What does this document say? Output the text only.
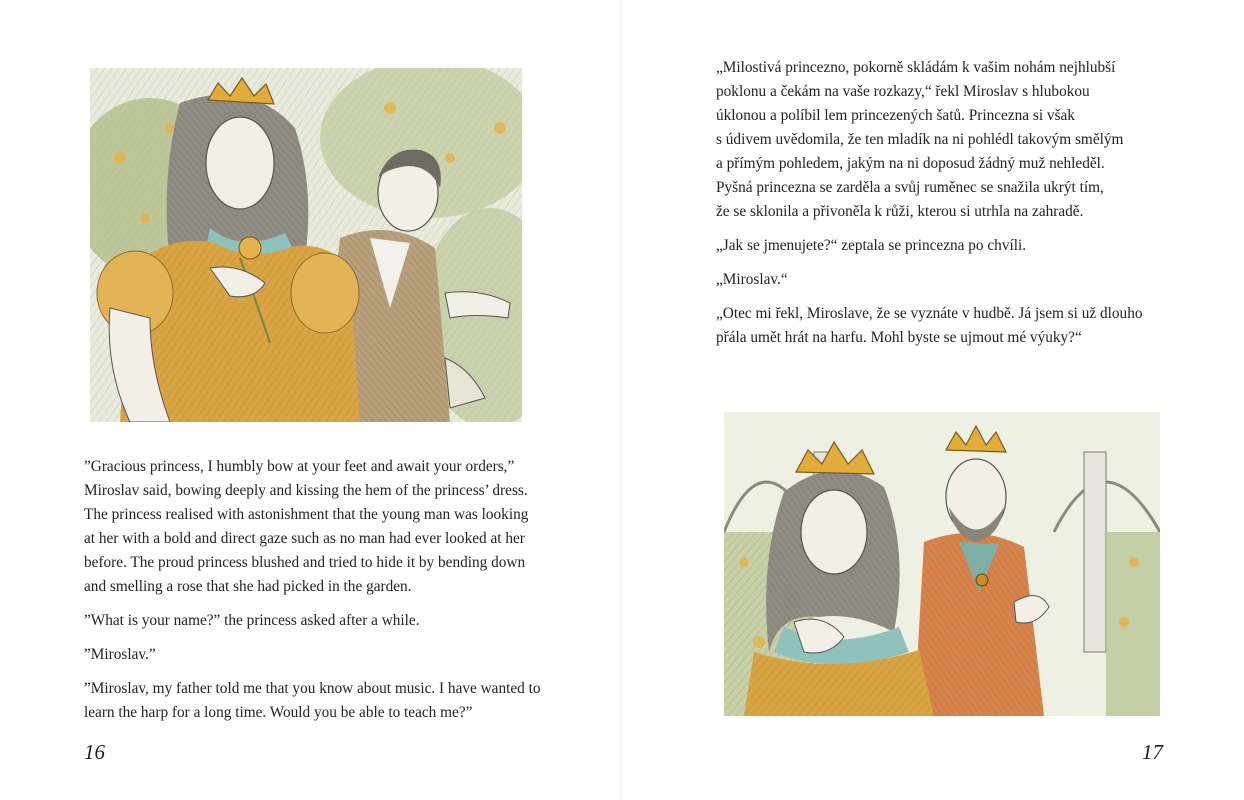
”Gracious princess, I humbly bow at your feet and await your orders,”
Miroslav said, bowing deeply and kissing the hem of the princess’ dress.
The princess realised with astonishment that the young man was looking
at her with a bold and direct gaze such as no man had ever looked at her
before. The proud princess blushed and tried to hide it by bending down
and smelling a rose that she had picked in the garden.

”What is your name?” the princess asked after a while.

”Miroslav.”

”Miroslav, my father told me that you know about music. I have wanted to
learn the harp for a long time. Would you be able to teach me?”

16

„Milostivá princezno, pokorně skládám k vašim nohám nejhlubší
poklonu a čekám na vaše rozkazy,“ řekl Miroslav s hlubokou
úklonou a políbil lem princezených šatů. Princezna si však
s údivem uvědomila, že ten mladík na ni pohlédl takovým smělým
a přímým pohledem, jakým na ni doposud žádný muž nehleděl.
Pyšná princezna se zarděla a svůj ruměnec se snažila ukrýt tím,
že se sklonila a přivoněla k růži, kterou si utrhla na zahradě.

„Jak se jmenujete?“ zeptala se princezna po chvíli.

„Miroslav.“

„Otec mi řekl, Miroslave, že se vyznáte v hudbě. Já jsem si už dlouho
přála umět hrát na harfu. Mohl byste se ujmout mé výuky?“

17
